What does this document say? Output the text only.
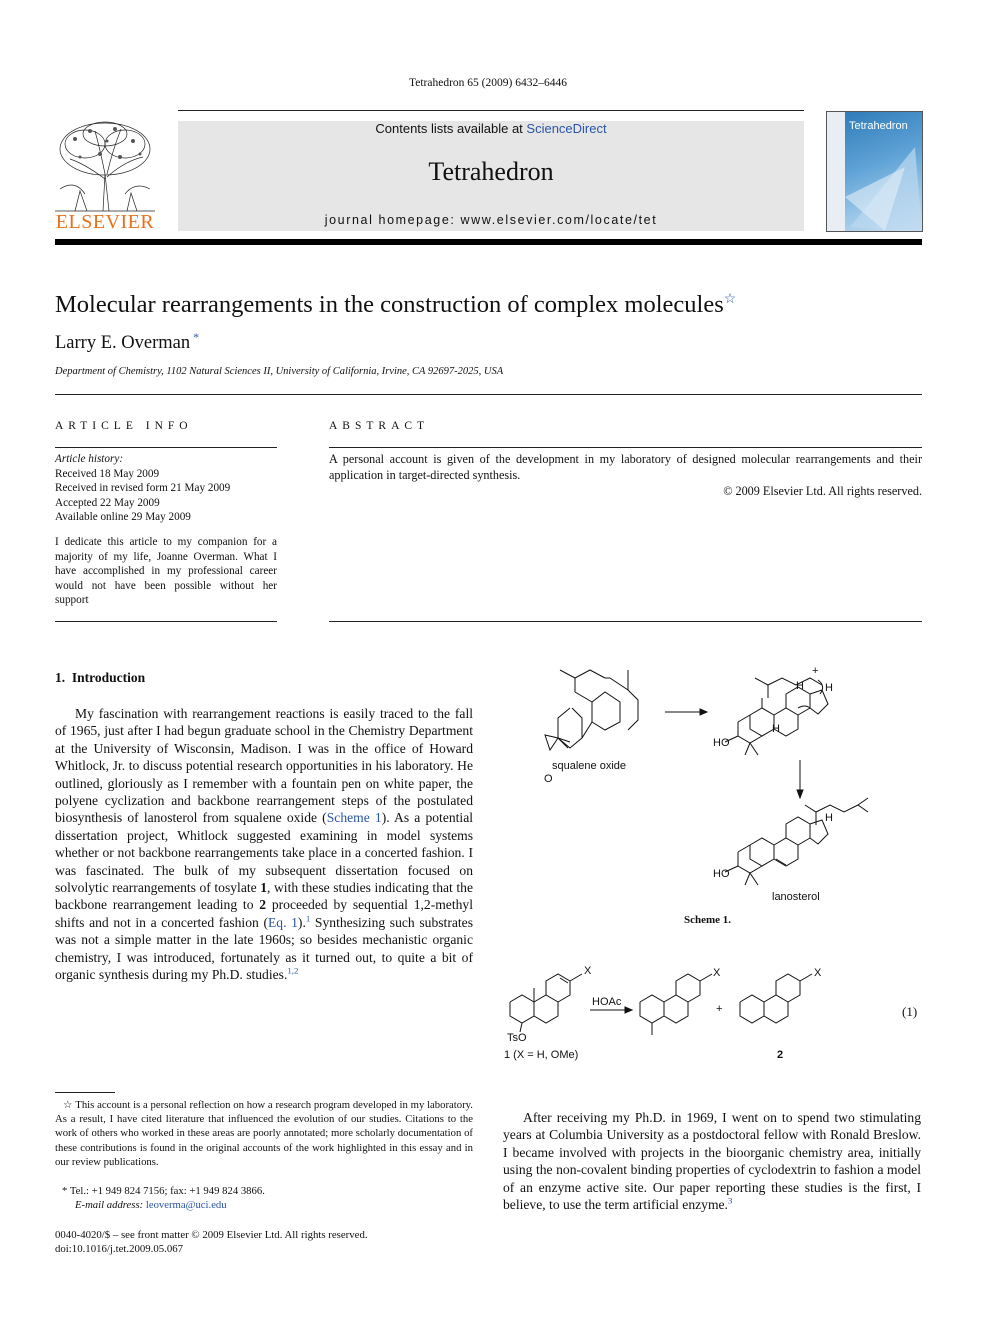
Tetrahedron 65 (2009) 6432–6446
ELSEVIER
Contents lists available at ScienceDirect
Tetrahedron
journal homepage: www.elsevier.com/locate/tet
Tetrahedron
Molecular rearrangements in the construction of complex molecules☆
Larry E. Overman *
Department of Chemistry, 1102 Natural Sciences II, University of California, Irvine, CA 92697-2025, USA
ARTICLE INFO
Article history:
Received 18 May 2009
Received in revised form 21 May 2009
Accepted 22 May 2009
Available online 29 May 2009
I dedicate this article to my companion for a majority of my life, Joanne Overman. What I have accomplished in my professional career would not have been possible without her support
ABSTRACT
A personal account is given of the development in my laboratory of designed molecular rearrangements and their application in target-directed synthesis.
© 2009 Elsevier Ltd. All rights reserved.
1.  Introduction
My fascination with rearrangement reactions is easily traced to the fall of 1965, just after I had begun graduate school in the Chemistry Department at the University of Wisconsin, Madison. I was in the office of Howard Whitlock, Jr. to discuss potential research opportunities in his laboratory. He outlined, gloriously as I remember with a fountain pen on white paper, the polyene cyclization and backbone rearrangement steps of the postulated biosynthesis of lanosterol from squalene oxide (Scheme 1). As a potential dissertation project, Whitlock suggested examining in model systems whether or not backbone rearrangements take place in a concerted fashion. I was fascinated. The bulk of my subsequent dissertation focused on solvolytic rearrangements of tosylate 1, with these studies indicating that the backbone rearrangement leading to 2 proceeded by sequential 1,2-methyl shifts and not in a concerted fashion (Eq. 1).$^1$ Synthesizing such substrates was not a simple matter in the late 1960s; so besides mechanistic organic chemistry, I was introduced, fortunately as it turned out, to quite a bit of organic synthesis during my Ph.D. studies.$^{1,2}$
O
squalene oxide
+
H H
H
HO
H
HO
lanosterol
Scheme 1.
X
TsO
1 (X = H, OMe)
HOAc
X
+
X
2
(1)
☆ This account is a personal reflection on how a research program developed in my laboratory. As a result, I have cited literature that influenced the evolution of our studies. Citations to the work of others who worked in these areas are poorly annotated; more scholarly documentation of these contributions is found in the original accounts of the work highlighted in this essay and in our review publications.
* Tel.: +1 949 824 7156; fax: +1 949 824 3866.
E-mail address: leoverma@uci.edu
0040-4020/$ – see front matter © 2009 Elsevier Ltd. All rights reserved.
doi:10.1016/j.tet.2009.05.067
After receiving my Ph.D. in 1969, I went on to spend two stimulating years at Columbia University as a postdoctoral fellow with Ronald Breslow. I became involved with projects in the bioorganic chemistry area, initially using the non-covalent binding properties of cyclodextrin to fashion a model of an enzyme active site. Our paper reporting these studies is the first, I believe, to use the term artificial enzyme.$^3$
